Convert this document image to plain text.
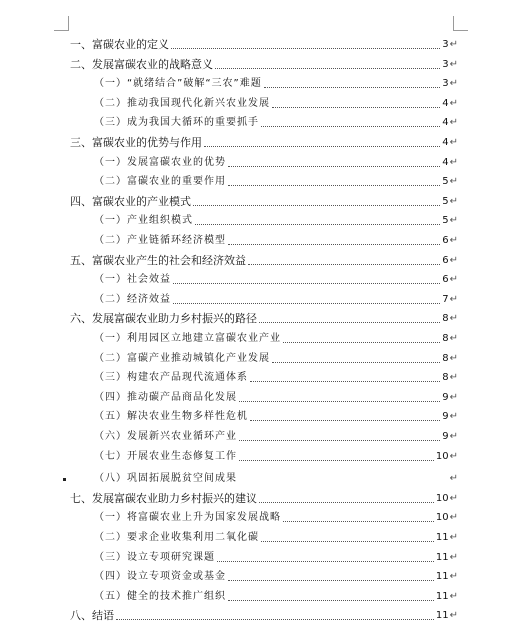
一、富碳农业的定义	3 ↵
二、发展富碳农业的战略意义	3 ↵
（一）“就绪结合”破解“三农”难题	3 ↵
（二）推动我国现代化新兴农业发展	4 ↵
（三）成为我国大循环的重要抓手	4 ↵
三、富碳农业的优势与作用	4 ↵
（一）发展富碳农业的优势	4 ↵
（二）富碳农业的重要作用	5 ↵
四、富碳农业的产业模式	5 ↵
（一）产业组织模式	5 ↵
（二）产业链循环经济模型	6 ↵
五、富碳农业产生的社会和经济效益	6 ↵
（一）社会效益	6 ↵
（二）经济效益	7 ↵
六、发展富碳农业助力乡村振兴的路径	8 ↵
（一）利用园区立地建立富碳农业产业	8 ↵
（二）富碳产业推动城镇化产业发展	8 ↵
（三）构建农产品现代流通体系	8 ↵
（四）推动碳产品商品化发展	9 ↵
（五）解决农业生物多样性危机	9 ↵
（六）发展新兴农业循环产业	9 ↵
（七）开展农业生态修复工作	10 ↵
（八）巩固拓展脱贫空间成果	↵
七、发展富碳农业助力乡村振兴的建议	10 ↵
（一）将富碳农业上升为国家发展战略	10 ↵
（二）要求企业收集利用二氧化碳	11 ↵
（三）设立专项研究课题	11 ↵
（四）设立专项资金或基金	11 ↵
（五）健全的技术推广组织	11 ↵
八、结语	11 ↵
